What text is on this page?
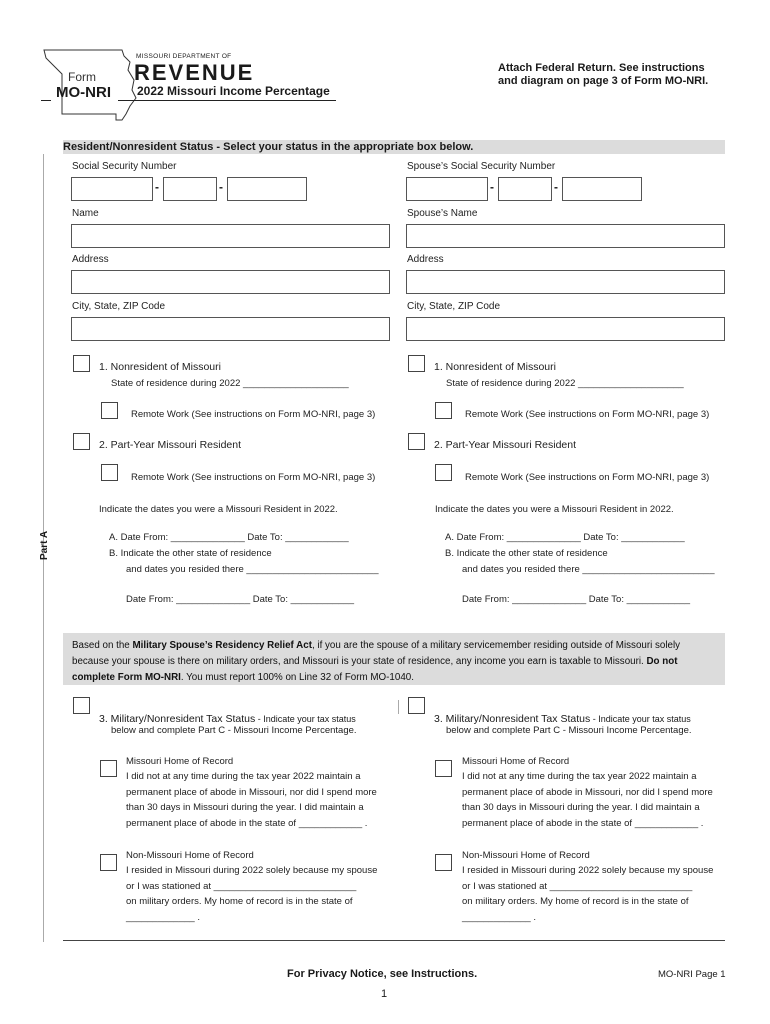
Form
MO-NRI
MISSOURI DEPARTMENT OF
REVENUE
2022 Missouri Income Percentage
Attach Federal Return. See instructions
and diagram on page 3 of Form MO-NRI.
Resident/Nonresident Status - Select your status in the appropriate box below.
Part A
Social Security Number
-	-
Name
Address
City, State, ZIP Code
Spouse’s Social Security Number
-	-
Spouse’s Name
Address
City, State, ZIP Code
1. Nonresident of Missouri
State of residence during 2022 ____________________
Remote Work (See instructions on Form MO-NRI, page 3)
2. Part-Year Missouri Resident
Remote Work (See instructions on Form MO-NRI, page 3)
Indicate the dates you were a Missouri Resident in 2022.
A. Date From: ______________ Date To: ____________
B. Indicate the other state of residence
and dates you resided there _________________________
Date From: ______________ Date To: ____________
1. Nonresident of Missouri
State of residence during 2022 ____________________
Remote Work (See instructions on Form MO-NRI, page 3)
2. Part-Year Missouri Resident
Remote Work (See instructions on Form MO-NRI, page 3)
Indicate the dates you were a Missouri Resident in 2022.
A. Date From: ______________ Date To: ____________
B. Indicate the other state of residence
and dates you resided there _________________________
Date From: ______________ Date To: ____________
Based on the Military Spouse’s Residency Relief Act, if you are the spouse of a military servicemember residing outside of Missouri solely
because your spouse is there on military orders, and Missouri is your state of residence, any income you earn is taxable to Missouri. Do not
complete Form MO-NRI. You must report 100% on Line 32 of Form MO-1040.
3. Military/Nonresident Tax Status - Indicate your tax status
below and complete Part C - Missouri Income Percentage.
Missouri Home of Record
I did not at any time during the tax year 2022 maintain a
permanent place of abode in Missouri, nor did I spend more
than 30 days in Missouri during the year. I did maintain a
permanent place of abode in the state of ____________ .
Non-Missouri Home of Record
I resided in Missouri during 2022 solely because my spouse
or I was stationed at ___________________________
on military orders. My home of record is in the state of
_____________ .
3. Military/Nonresident Tax Status - Indicate your tax status
below and complete Part C - Missouri Income Percentage.
Missouri Home of Record
I did not at any time during the tax year 2022 maintain a
permanent place of abode in Missouri, nor did I spend more
than 30 days in Missouri during the year. I did maintain a
permanent place of abode in the state of ____________ .
Non-Missouri Home of Record
I resided in Missouri during 2022 solely because my spouse
or I was stationed at ___________________________
on military orders. My home of record is in the state of
_____________ .
For Privacy Notice, see Instructions.	MO-NRI Page 1
1
